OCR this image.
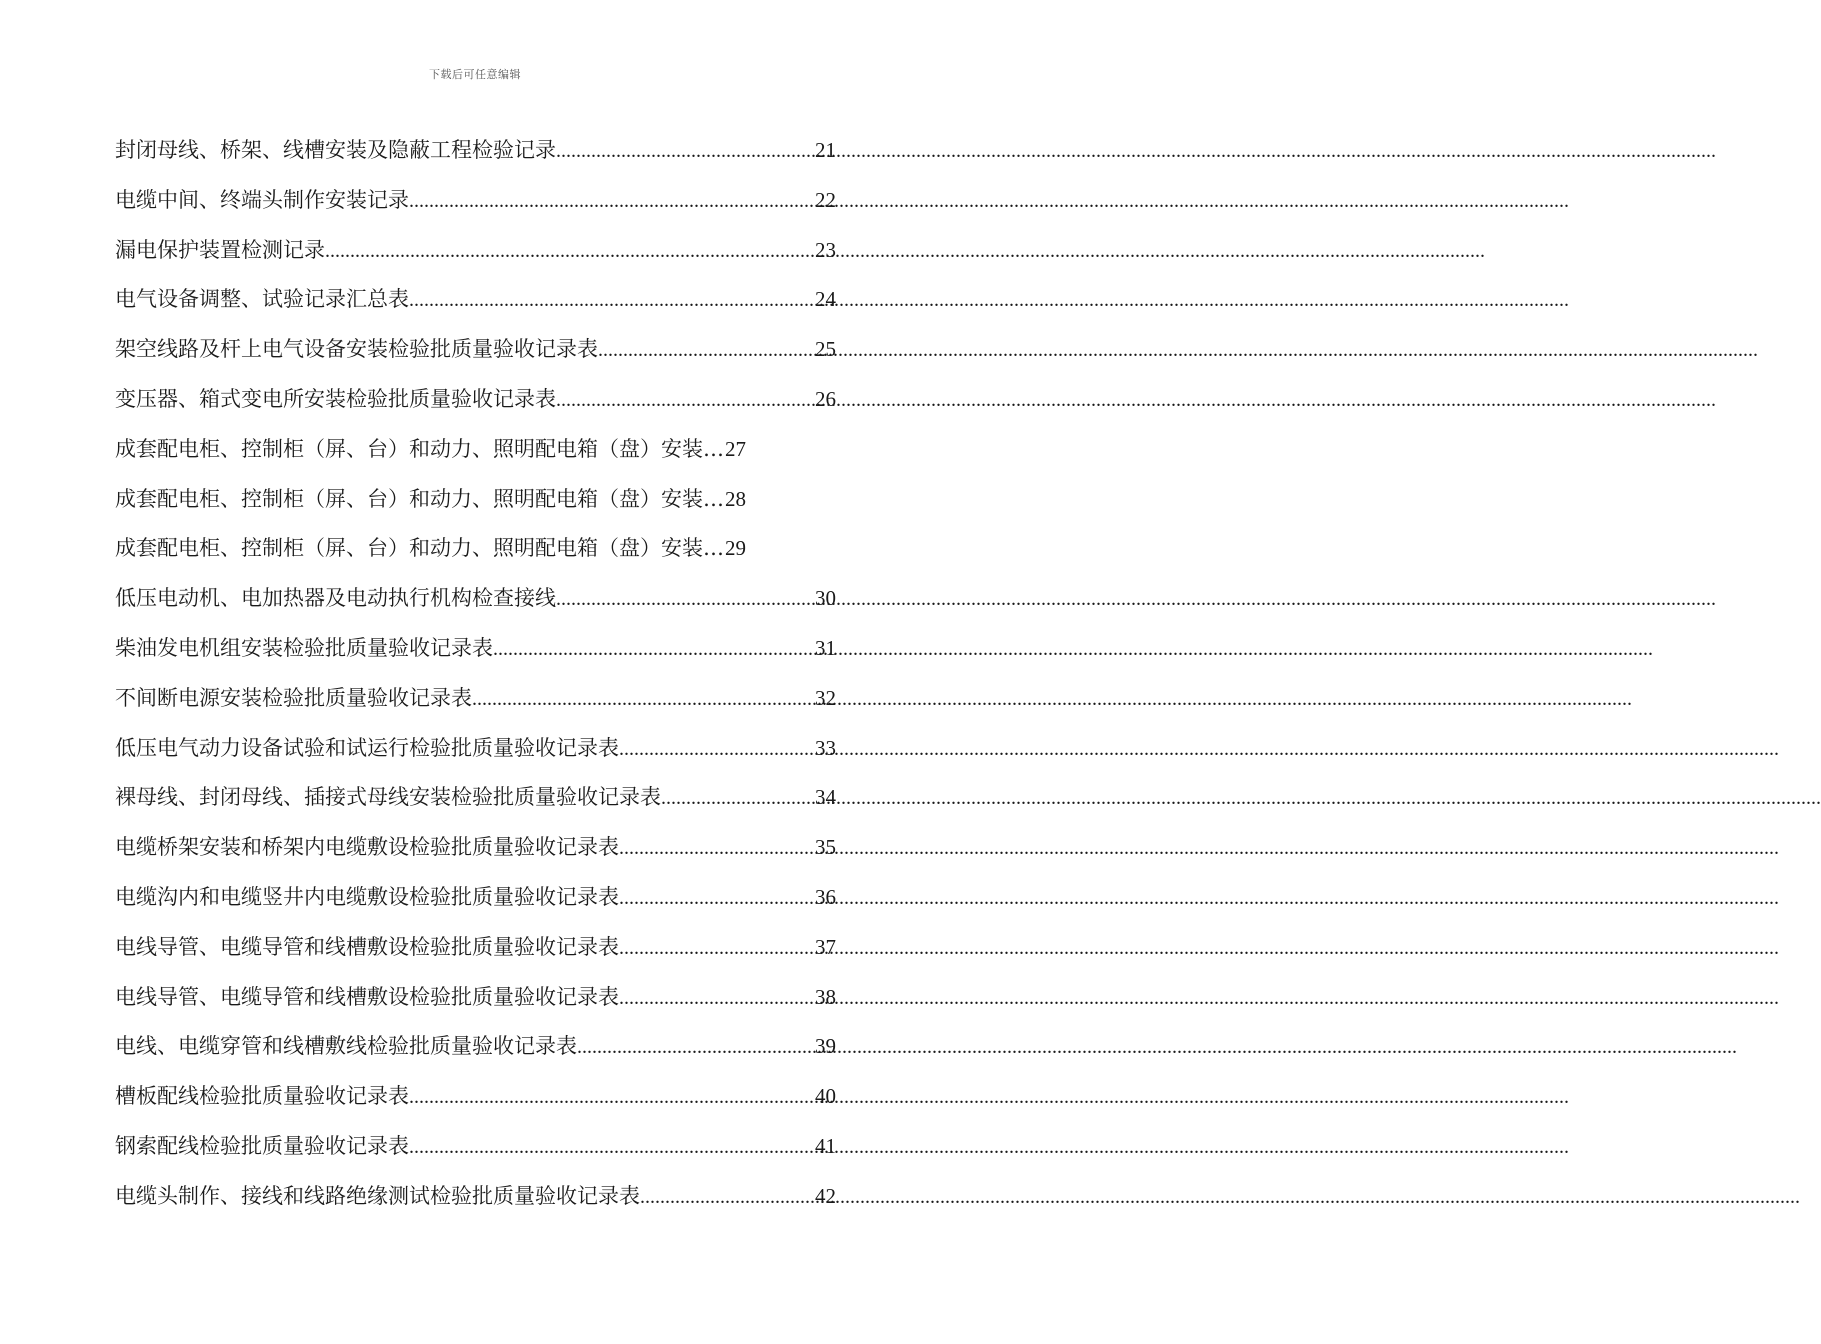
下载后可任意编辑
封闭母线、桥架、线槽安装及隐蔽工程检验记录 .....	21
电缆中间、终端头制作安装记录 .....	22
漏电保护装置检测记录 .....	23
电气设备调整、试验记录汇总表 .....	24
架空线路及杆上电气设备安装检验批质量验收记录表 .....	25
变压器、箱式变电所安装检验批质量验收记录表 .....	26
成套配电柜、控制柜（屏、台）和动力、照明配电箱（盘）安装… 27
成套配电柜、控制柜（屏、台）和动力、照明配电箱（盘）安装… 28
成套配电柜、控制柜（屏、台）和动力、照明配电箱（盘）安装… 29
低压电动机、电加热器及电动执行机构检查接线 .....	30
柴油发电机组安装检验批质量验收记录表 .....	31
不间断电源安装检验批质量验收记录表 .....	32
低压电气动力设备试验和试运行检验批质量验收记录表 .....	33
裸母线、封闭母线、插接式母线安装检验批质量验收记录表 .....	34
电缆桥架安装和桥架内电缆敷设检验批质量验收记录表 .....	35
电缆沟内和电缆竖井内电缆敷设检验批质量验收记录表 .....	36
电线导管、电缆导管和线槽敷设检验批质量验收记录表 .....	37
电线导管、电缆导管和线槽敷设检验批质量验收记录表 .....	38
电线、电缆穿管和线槽敷线检验批质量验收记录表 .....	39
槽板配线检验批质量验收记录表 .....	40
钢索配线检验批质量验收记录表 .....	41
电缆头制作、接线和线路绝缘测试检验批质量验收记录表 .....	42
